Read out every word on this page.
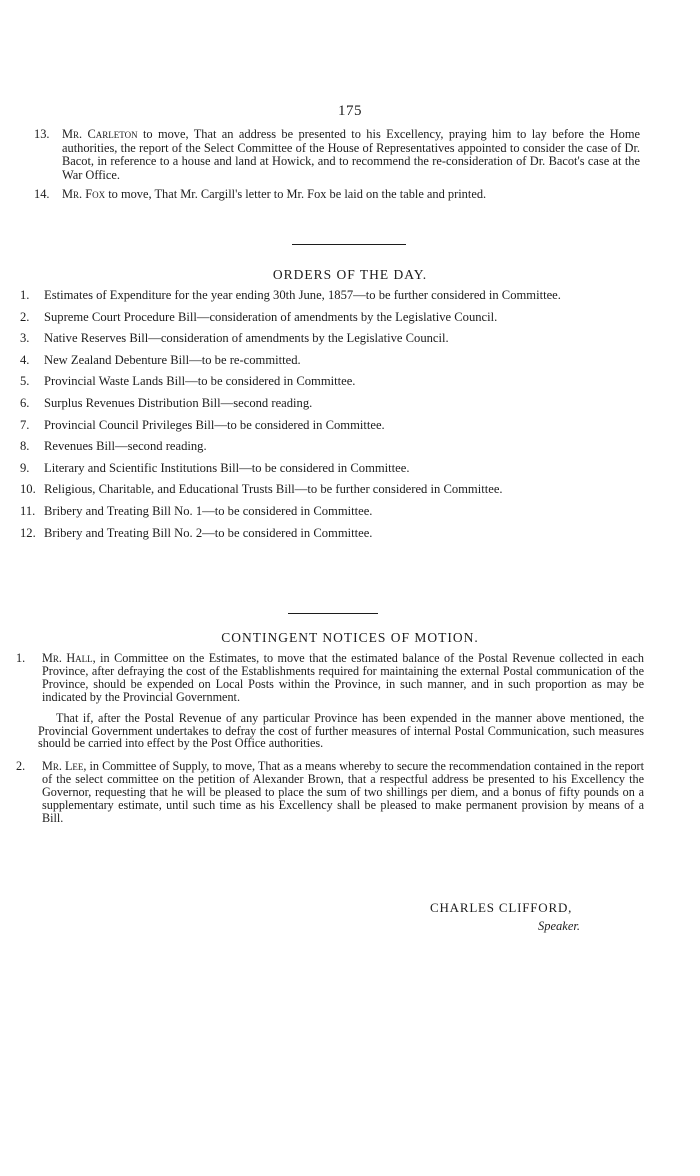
175
13.	Mr. Carleton to move, That an address be presented to his Excellency, praying him to lay before the Home authorities, the report of the Select Committee of the House of Representatives appointed to consider the case of Dr. Bacot, in reference to a house and land at Howick, and to recommend the re-consideration of Dr. Bacot's case at the War Office.
14.	Mr. Fox to move, That Mr. Cargill's letter to Mr. Fox be laid on the table and printed.
ORDERS OF THE DAY.
1.	Estimates of Expenditure for the year ending 30th June, 1857—to be further considered in Committee.
2.	Supreme Court Procedure Bill—consideration of amendments by the Legislative Council.
3.	Native Reserves Bill—consideration of amendments by the Legislative Council.
4.	New Zealand Debenture Bill—to be re-committed.
5.	Provincial Waste Lands Bill—to be considered in Committee.
6.	Surplus Revenues Distribution Bill—second reading.
7.	Provincial Council Privileges Bill—to be considered in Committee.
8.	Revenues Bill—second reading.
9.	Literary and Scientific Institutions Bill—to be considered in Committee.
10. Religious, Charitable, and Educational Trusts Bill—to be further considered in Committee.
11. Bribery and Treating Bill No. 1—to be considered in Committee.
12. Bribery and Treating Bill No. 2—to be considered in Committee.
CONTINGENT NOTICES OF MOTION.
1.	Mr. Hall, in Committee on the Estimates, to move that the estimated balance of the Postal Revenue collected in each Province, after defraying the cost of the Establishments required for maintaining the external Postal communication of the Province, should be expended on Local Posts within the Province, in such manner, and in such proportion as may be indicated by the Provincial Government.
That if, after the Postal Revenue of any particular Province has been expended in the manner above mentioned, the Provincial Government undertakes to defray the cost of further measures of internal Postal Communication, such measures should be carried into effect by the Post Office authorities.
2.	Mr. Lee, in Committee of Supply, to move, That as a means whereby to secure the recommendation contained in the report of the select committee on the petition of Alexander Brown, that a respectful address be presented to his Excellency the Governor, requesting that he will be pleased to place the sum of two shillings per diem, and a bonus of fifty pounds on a supplementary estimate, until such time as his Excellency shall be pleased to make permanent provision by means of a Bill.
CHARLES CLIFFORD,
Speaker.
